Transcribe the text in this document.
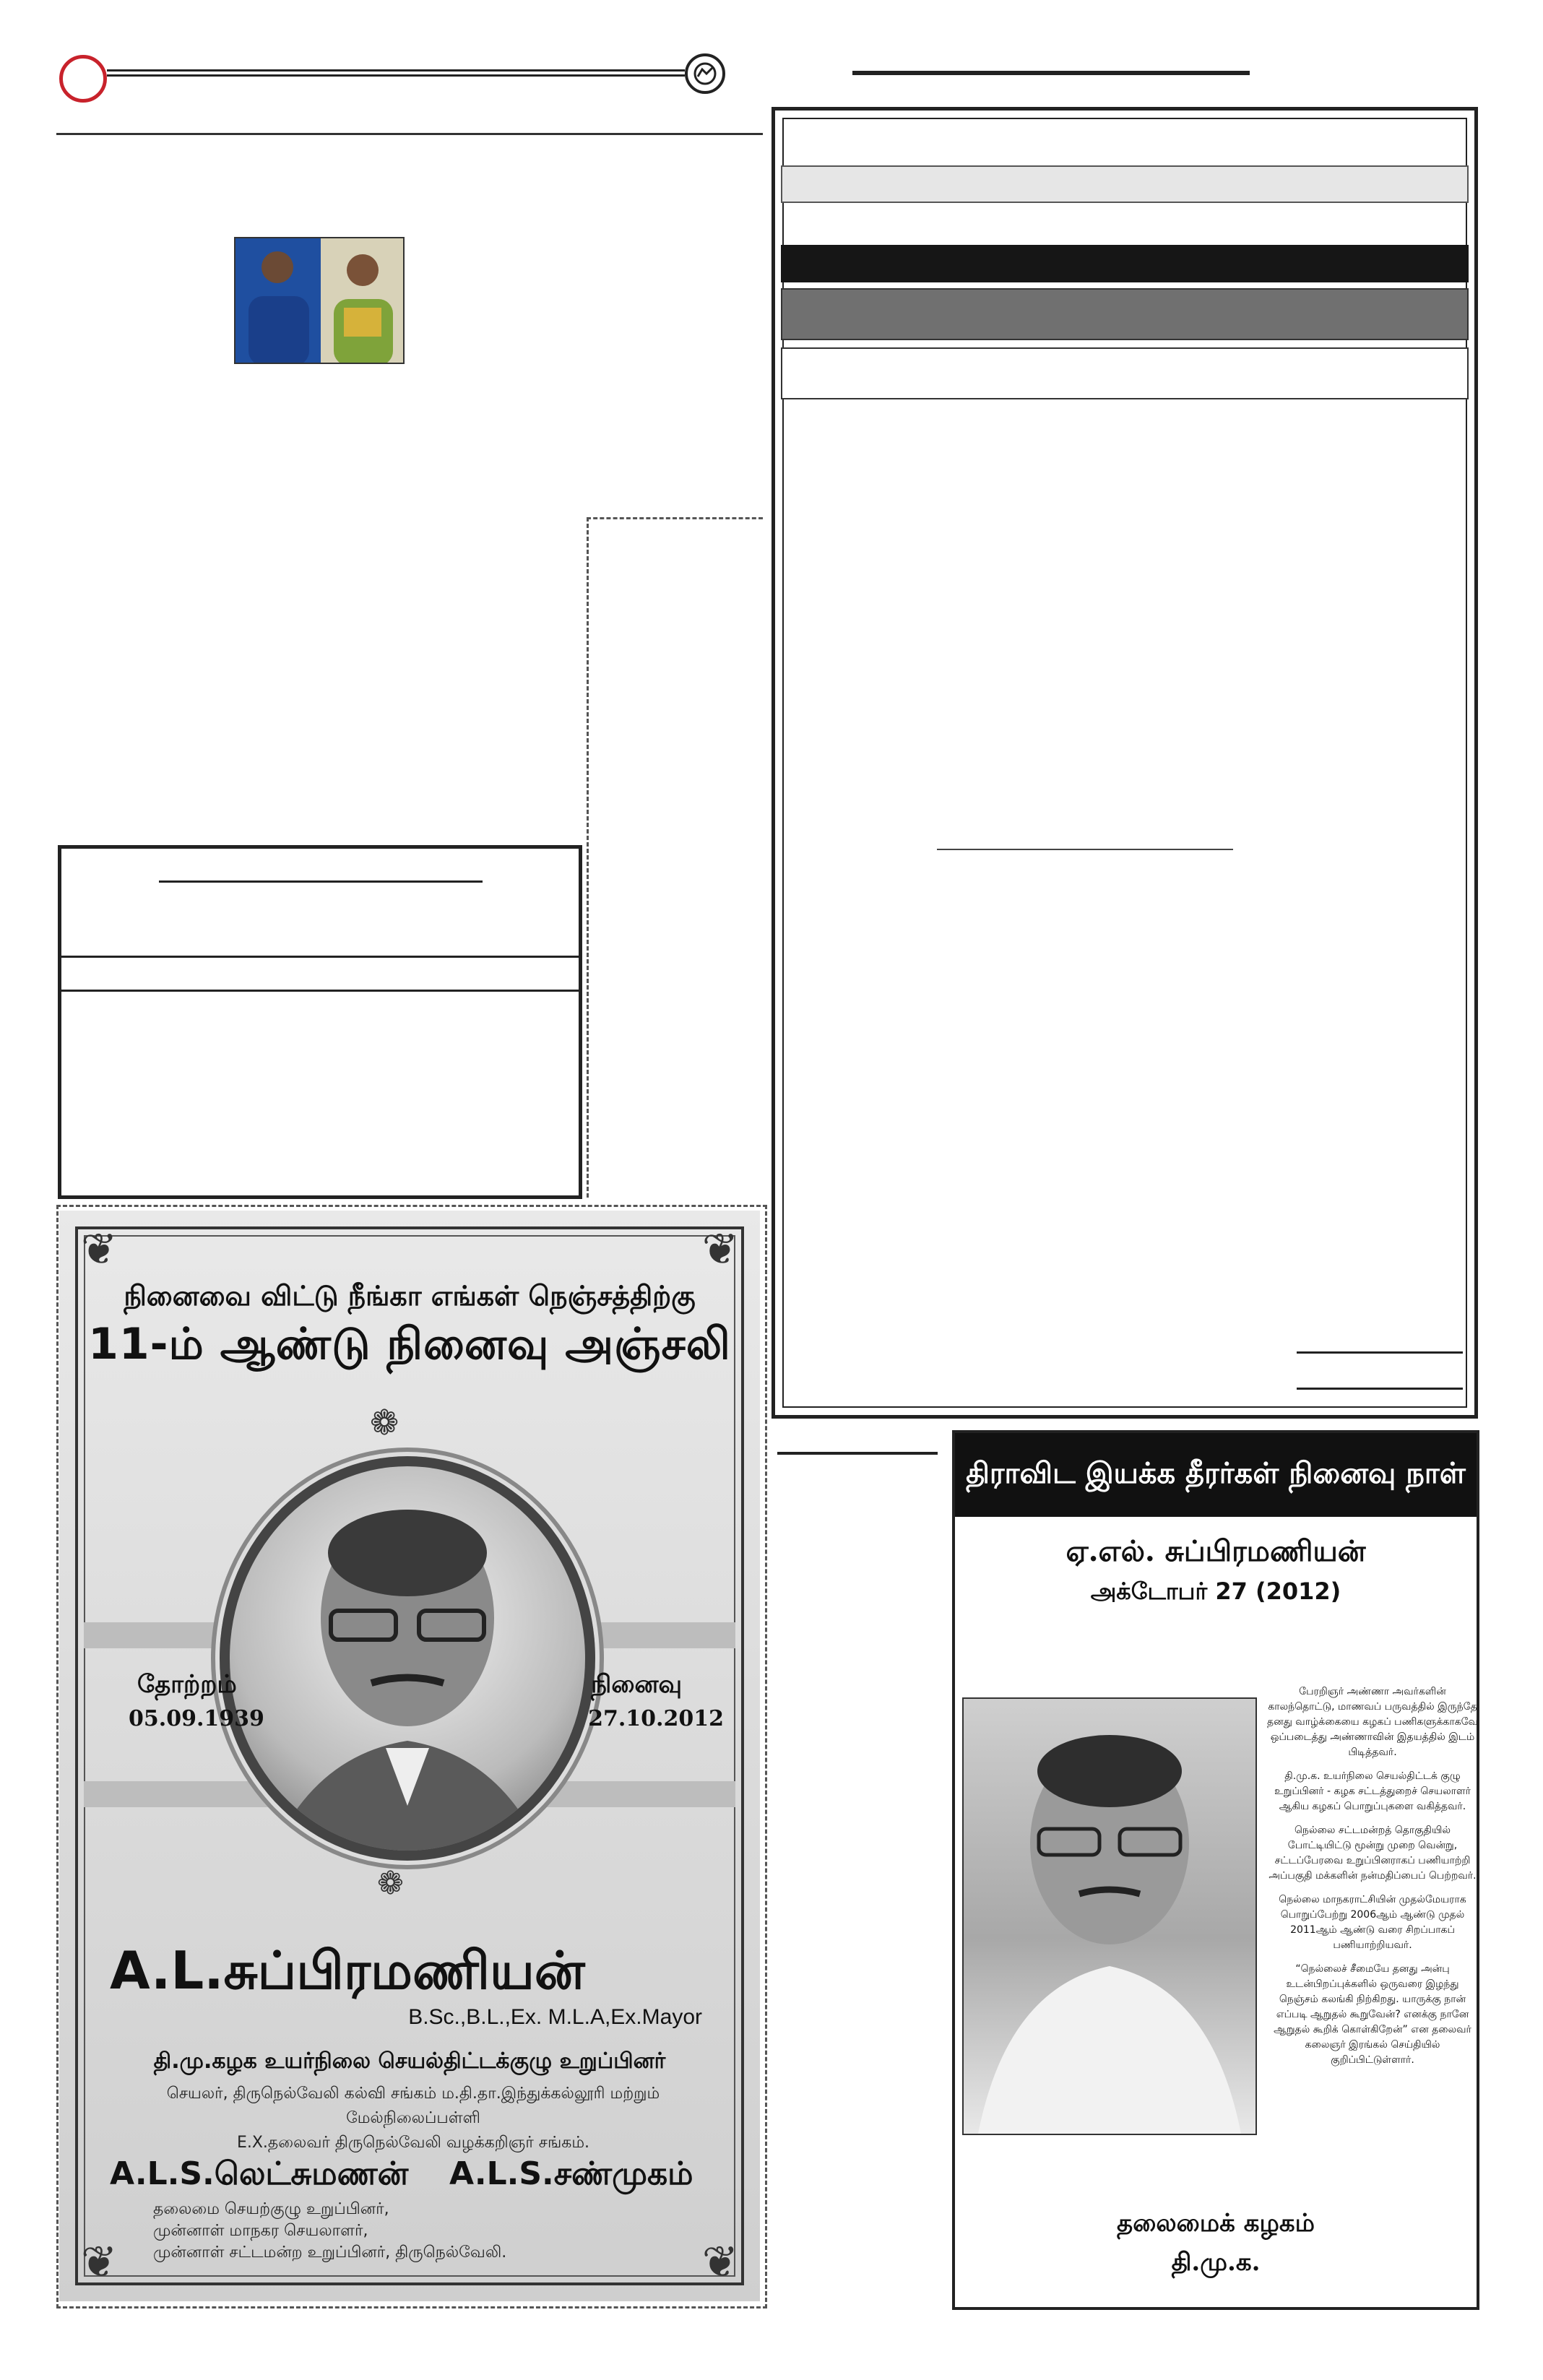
❦	❦
❦	❦
நினைவை விட்டு நீங்கா எங்கள் நெஞ்சத்திற்கு
11-ம் ஆண்டு நினைவு அஞ்சலி
❁
தோற்றம்
05.09.1939
நினைவு
27.10.2012
❁
A.L.சுப்பிரமணியன்
B.Sc.,B.L.,Ex. M.L.A,Ex.Mayor
தி.மு.கழக உயர்நிலை செயல்திட்டக்குழு உறுப்பினர்
செயலர், திருநெல்வேலி கல்வி சங்கம் ம.தி.தா.இந்துக்கல்லூரி மற்றும் மேல்நிலைப்பள்ளி
E.X.தலைவர் திருநெல்வேலி வழக்கறிஞர் சங்கம்.
A.L.S.லெட்சுமணன் A.L.S.சண்முகம்
தலைமை செயற்குழு உறுப்பினர்,
முன்னாள் மாநகர செயலாளர்,
முன்னாள் சட்டமன்ற உறுப்பினர், திருநெல்வேலி.
திராவிட இயக்க தீரர்கள் நினைவு நாள்
ஏ.எல். சுப்பிரமணியன்
அக்டோபர் 27 (2012)

பேரறிஞர் அண்ணா அவர்களின் காலந்தொட்டு, மாணவப் பருவத்தில் இருந்தே தனது வாழ்க்கையை கழகப் பணிகளுக்காகவே ஒப்படைத்து அண்ணாவின் இதயத்தில் இடம் பிடித்தவர்.

தி.மு.க. உயர்நிலை செயல்திட்டக் குழு உறுப்பினர் - கழக சட்டத்துறைச் செயலாளர் ஆகிய கழகப் பொறுப்புகளை வகித்தவர்.

நெல்லை சட்டமன்றத் தொகுதியில் போட்டியிட்டு மூன்று முறை வென்று, சட்டப்பேரவை உறுப்பினராகப் பணியாற்றி அப்பகுதி மக்களின் நன்மதிப்பைப் பெற்றவர்.

நெல்லை மாநகராட்சியின் முதல்மேயராக பொறுப்பேற்று 2006ஆம் ஆண்டு முதல் 2011ஆம் ஆண்டு வரை சிறப்பாகப் பணியாற்றியவர்.

“நெல்லைச் சீமையே தனது அன்பு உடன்பிறப்புக்களில் ஒருவரை இழந்து நெஞ்சம் கலங்கி நிற்கிறது. யாருக்கு நான் எப்படி ஆறுதல் கூறுவேன்? எனக்கு நானே ஆறுதல் கூறிக் கொள்கிறேன்” என தலைவர் கலைஞர் இரங்கல் செய்தியில் குறிப்பிட்டுள்ளார்.

தலைமைக் கழகம்
தி.மு.க.
